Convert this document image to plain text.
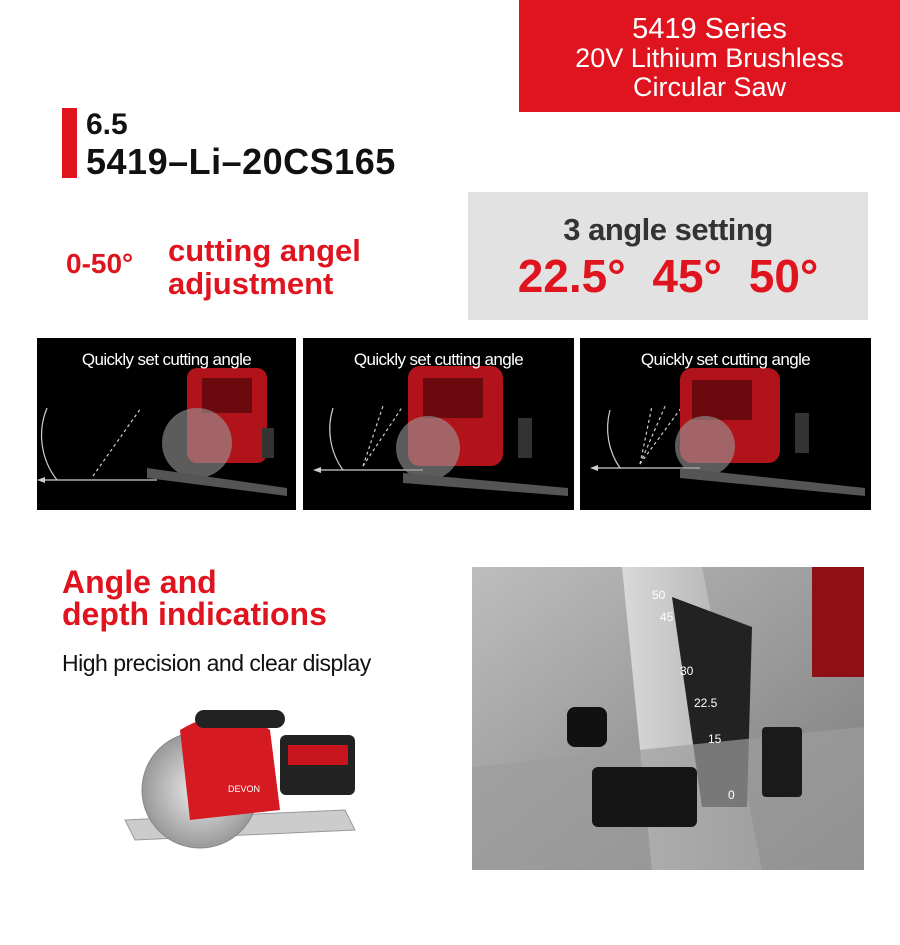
5419 Series
20V Lithium Brushless
Circular Saw
6.5
5419–Li–20CS165
0-50° cutting angel
adjustment
3 angle setting
22.5° 45° 50°
Quickly set cutting angle	Quickly set cutting angle	Quickly set cutting angle
Angle and
depth indications
High precision and clear display
DEVON
50
45
30
22.5
15
0
